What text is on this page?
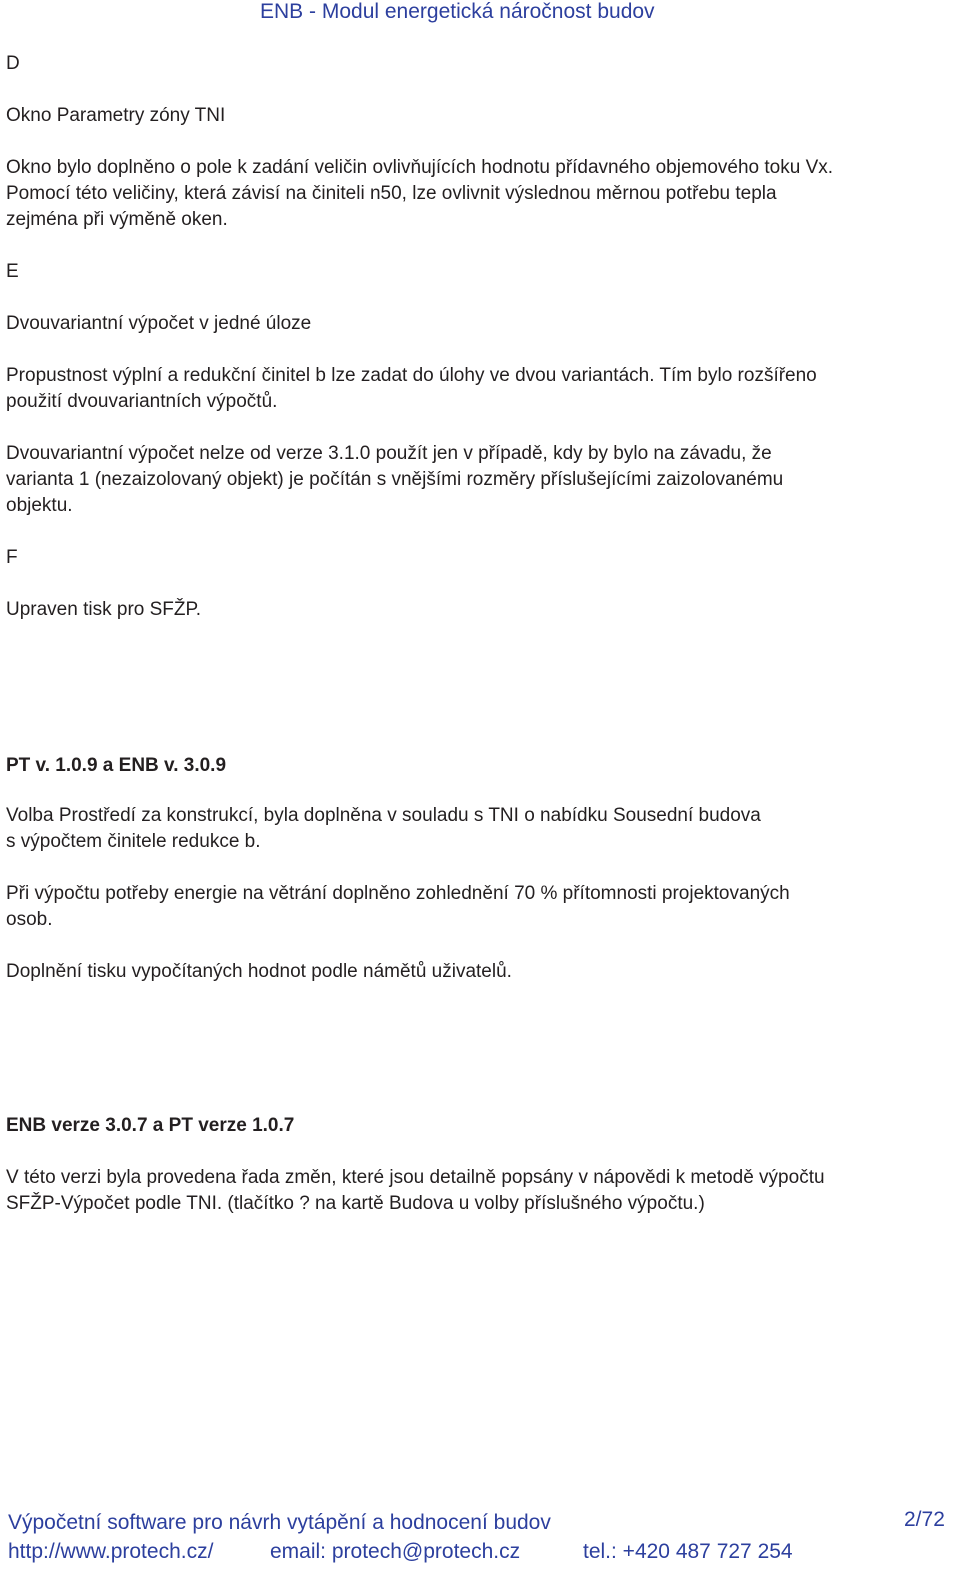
ENB - Modul energetická náročnost budov

D

Okno Parametry zóny TNI

Okno bylo doplněno o pole k zadání veličin ovlivňujících hodnotu přídavného objemového toku Vx.

Pomocí této veličiny, která závisí na činiteli n50, lze ovlivnit výslednou měrnou potřebu tepla

zejména při výměně oken.

E

Dvouvariantní výpočet v jedné úloze

Propustnost výplní a redukční činitel b lze zadat do úlohy ve dvou variantách. Tím bylo rozšířeno

použití dvouvariantních výpočtů.

Dvouvariantní výpočet nelze od verze 3.1.0 použít jen v případě, kdy by bylo na závadu, že

varianta 1 (nezaizolovaný objekt) je počítán s vnějšími rozměry příslušejícími zaizolovanému

objektu.

F

Upraven tisk pro SFŽP.

PT v. 1.0.9 a ENB v. 3.0.9

Volba Prostředí za konstrukcí, byla doplněna v souladu s TNI o nabídku Sousední budova

s výpočtem činitele redukce b.

Při výpočtu potřeby energie na větrání doplněno zohlednění 70 % přítomnosti projektovaných

osob.

Doplnění tisku vypočítaných hodnot podle námětů uživatelů.

ENB verze 3.0.7 a PT verze 1.0.7

V této verzi byla provedena řada změn, které jsou detailně popsány v nápovědi k metodě výpočtu

SFŽP-Výpočet podle TNI. (tlačítko ? na kartě Budova u volby příslušného výpočtu.)

Výpočetní software pro návrh vytápění a hodnocení budov	2/72
http://www.protech.cz/	email: protech@protech.cz	tel.: +420 487 727 254
